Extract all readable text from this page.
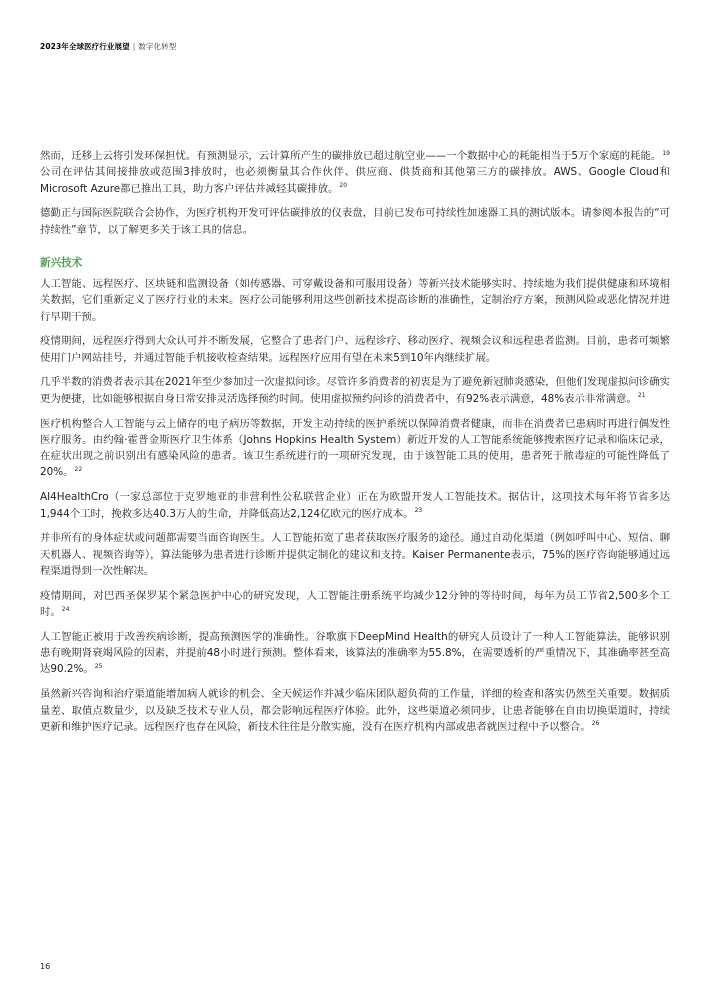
2023年全球医疗行业展望 | 数字化转型

然而，迁移上云将引发环保担忧。有预测显示，云计算所产生的碳排放已超过航空业——一个数据中心的耗能相当于5万个家庭的耗能。$^{19}$公司在评估其间接排放或范围3排放时，也必须衡量其合作伙伴、供应商、供货商和其他第三方的碳排放。AWS、Google Cloud和Microsoft Azure都已推出工具，助力客户评估并减轻其碳排放。$^{20}$

德勤正与国际医院联合会协作，为医疗机构开发可评估碳排放的仪表盘，目前已发布可持续性加速器工具的测试版本。请参阅本报告的“可持续性”章节，以了解更多关于该工具的信息。

新兴技术

人工智能、远程医疗、区块链和监测设备（如传感器、可穿戴设备和可服用设备）等新兴技术能够实时、持续地为我们提供健康和环境相关数据，它们重新定义了医疗行业的未来。医疗公司能够利用这些创新技术提高诊断的准确性，定制治疗方案，预测风险或恶化情况并进行早期干预。

疫情期间，远程医疗得到大众认可并不断发展，它整合了患者门户、远程诊疗、移动医疗、视频会议和远程患者监测。目前，患者可频繁使用门户网站挂号，并通过智能手机接收检查结果。远程医疗应用有望在未来5到10年内继续扩展。

几乎半数的消费者表示其在2021年至少参加过一次虚拟问诊。尽管许多消费者的初衷是为了避免新冠肺炎感染，但他们发现虚拟问诊确实更为便捷，比如能够根据自身日常安排灵活选择预约时间。使用虚拟预约问诊的消费者中，有92%表示满意，48%表示非常满意。$^{21}$

医疗机构整合人工智能与云上储存的电子病历等数据，开发主动持续的医护系统以保障消费者健康，而非在消费者已患病时再进行偶发性医疗服务。由约翰·霍普金斯医疗卫生体系（Johns Hopkins Health System）新近开发的人工智能系统能够搜索医疗记录和临床记录，在症状出现之前识别出有感染风险的患者。该卫生系统进行的一项研究发现，由于该智能工具的使用，患者死于脓毒症的可能性降低了20%。$^{22}$

AI4HealthCro（一家总部位于克罗地亚的非营利性公私联营企业）正在为欧盟开发人工智能技术。据估计，这项技术每年将节省多达1,944个工时，挽救多达40.3万人的生命，并降低高达2,124亿欧元的医疗成本。$^{23}$

并非所有的身体症状或问题都需要当面咨询医生。人工智能拓宽了患者获取医疗服务的途径。通过自动化渠道（例如呼叫中心、短信、聊天机器人、视频咨询等），算法能够为患者进行诊断并提供定制化的建议和支持。Kaiser Permanente表示，75%的医疗咨询能够通过远程渠道得到一次性解决。

疫情期间，对巴西圣保罗某个紧急医护中心的研究发现，人工智能注册系统平均减少12分钟的等待时间，每年为员工节省2,500多个工时。$^{24}$

人工智能正被用于改善疾病诊断，提高预测医学的准确性。谷歌旗下DeepMind Health的研究人员设计了一种人工智能算法，能够识别患有晚期肾衰竭风险的因素，并提前48小时进行预测。整体看来，该算法的准确率为55.8%，在需要透析的严重情况下，其准确率甚至高达90.2%。$^{25}$

虽然新兴咨询和治疗渠道能增加病人就诊的机会、全天候运作并减少临床团队超负荷的工作量，详细的检查和落实仍然至关重要。数据质量差、取值点数量少，以及缺乏技术专业人员，都会影响远程医疗体验。此外，这些渠道必须同步，让患者能够在自由切换渠道时，持续更新和维护医疗记录。远程医疗也存在风险，新技术往往是分散实施，没有在医疗机构内部或患者就医过程中予以整合。$^{26}$

16
